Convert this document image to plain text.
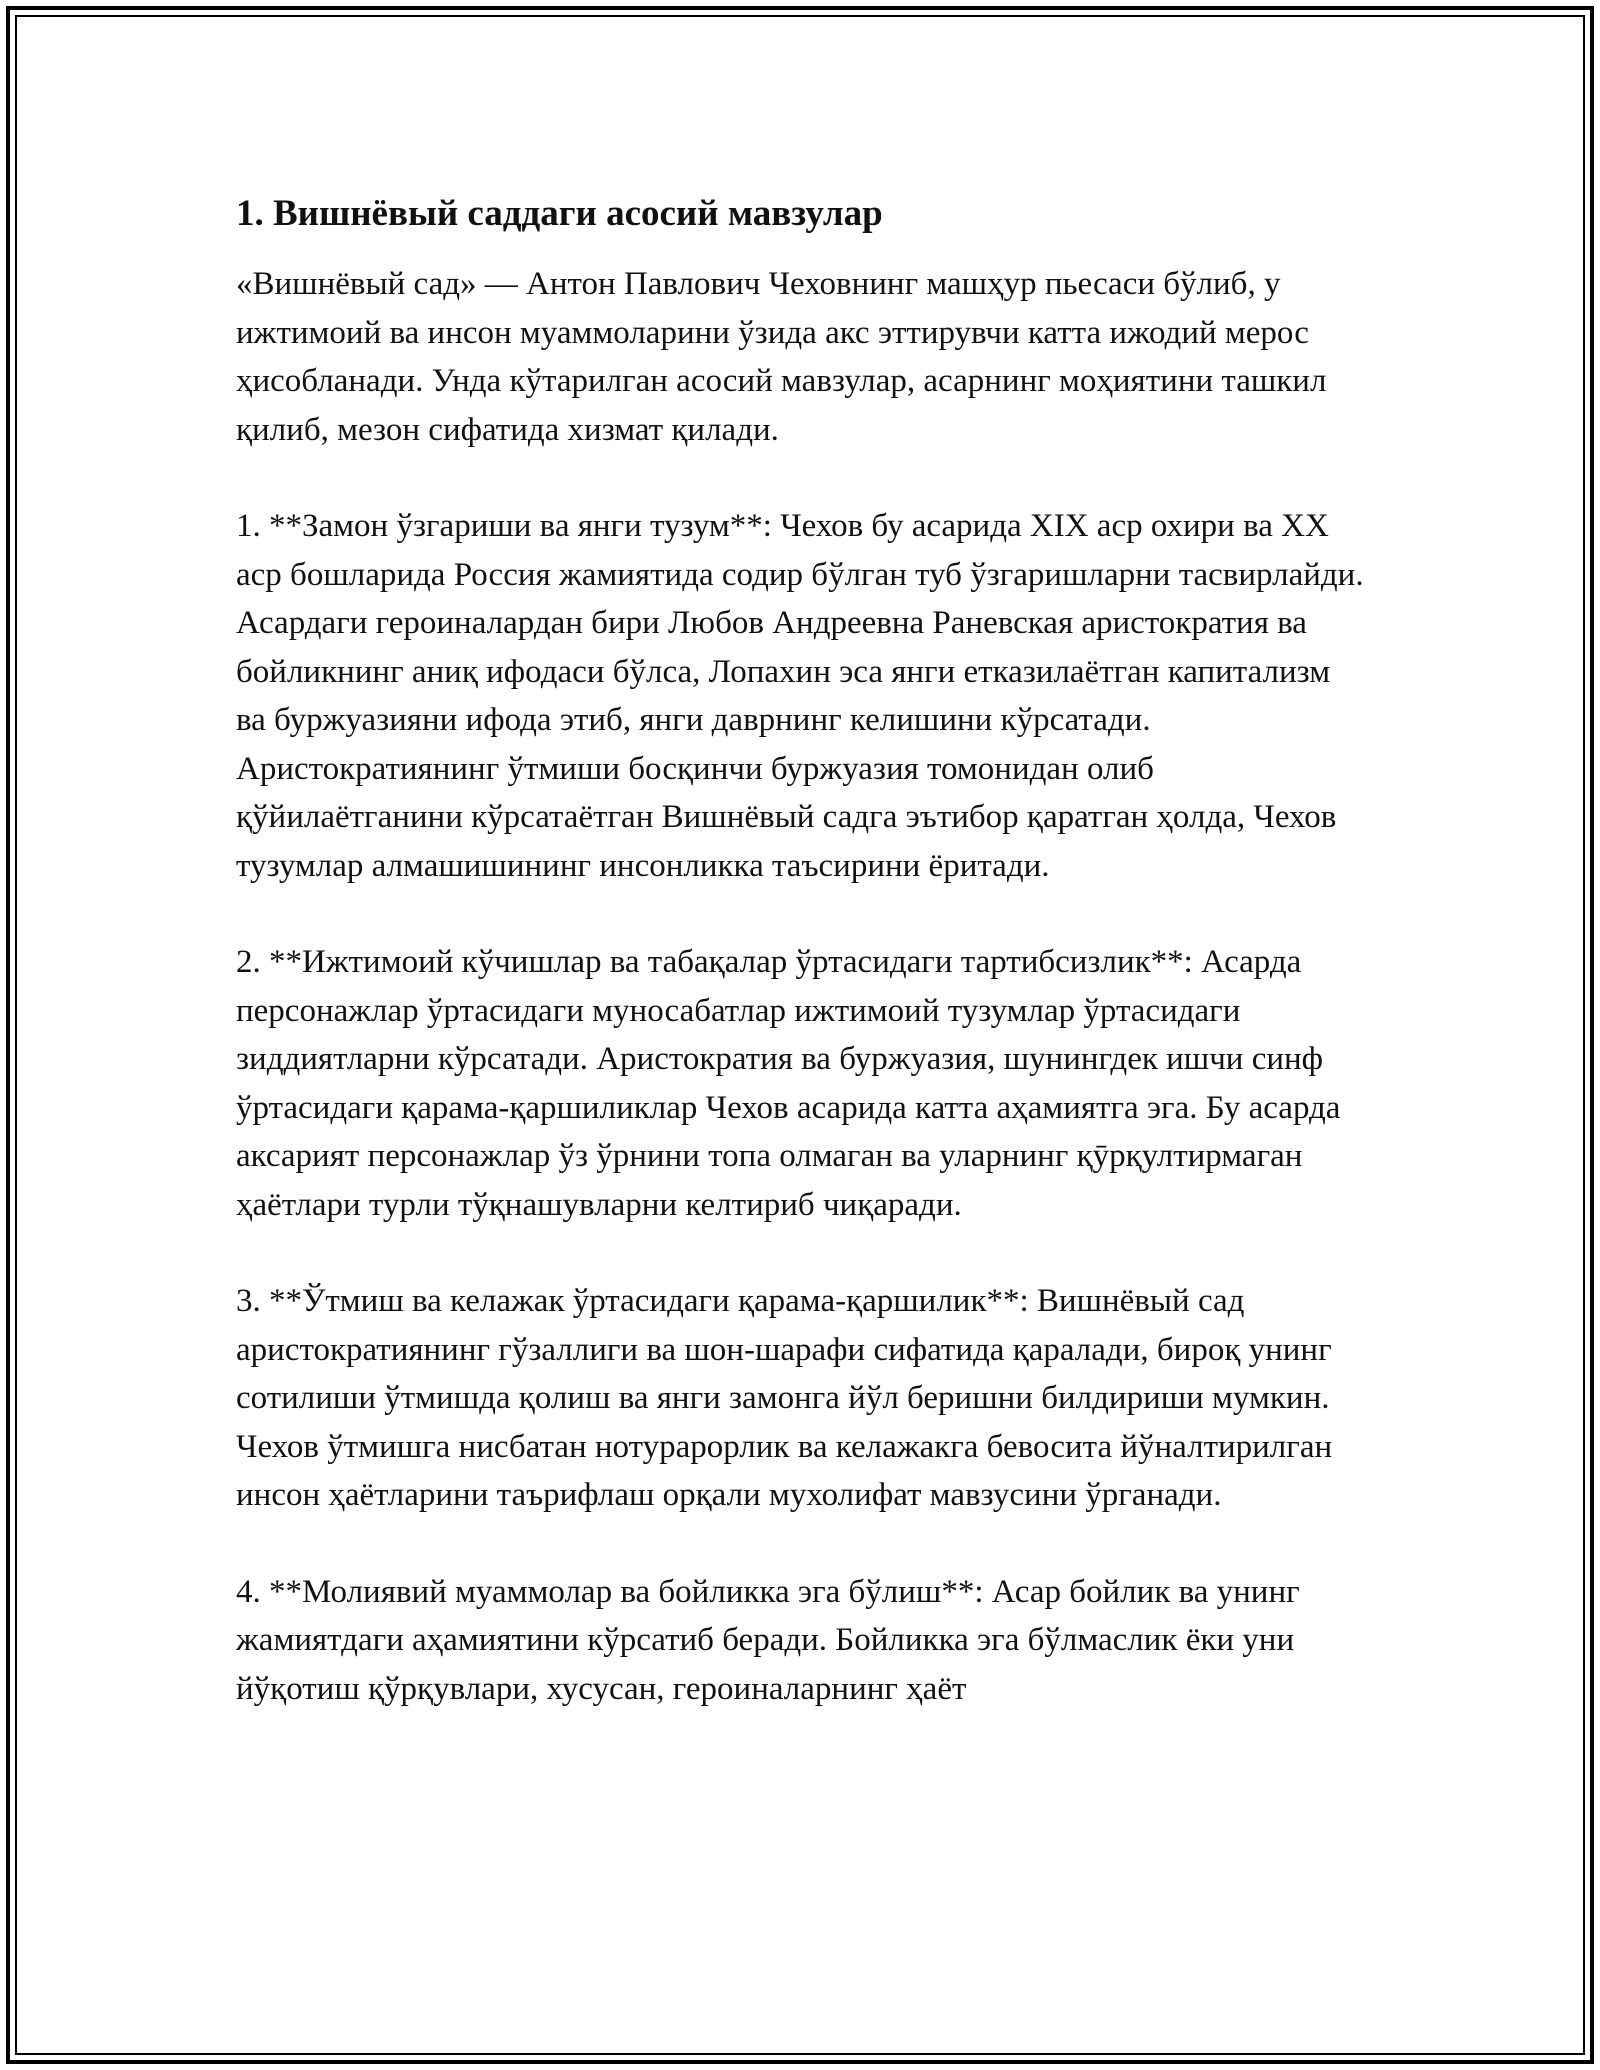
1. Вишнёвый саддаги асосий мавзулар

«Вишнёвый сад» — Антон Павлович Чеховнинг машҳур пьесаси бўлиб, у ижтимоий ва инсон муаммоларини ўзида акс эттирувчи катта ижодий мерос ҳисобланади. Унда кўтарилган асосий мавзулар, асарнинг моҳиятини ташкил қилиб, мезон сифатида хизмат қилади.

1. **Замон ўзгариши ва янги тузум**: Чехов бу асарида XIX аср охири ва XX аср бошларида Россия жамиятида содир бўлган туб ўзгаришларни тасвирлайди. Асардаги героиналардан бири Любов Андреевна Раневская аристократия ва бойликнинг аниқ ифодаси бўлса, Лопахин эса янги етказилаётган капитализм ва буржуазияни ифода этиб, янги даврнинг келишини кўрсатади. Аристократиянинг ўтмиши босқинчи буржуазия томонидан олиб қўйилаётганини кўрсатаётган Вишнёвый садга эътибор қаратган ҳолда, Чехов тузумлар алмашишининг инсонликка таъсирини ёритади.

2. **Ижтимоий кўчишлар ва табақалар ўртасидаги тартибсизлик**: Асарда персонажлар ўртасидаги муносабатлар ижтимоий тузумлар ўртасидаги зиддиятларни кўрсатади. Аристократия ва буржуазия, шунингдек ишчи синф ўртасидаги қарама-қаршиликлар Чехов асарида катта аҳамиятга эга. Бу асарда аксарият персонажлар ўз ўрнини топа олмаган ва уларнинг қӯрқултирмаган ҳаётлари турли тўқнашувларни келтириб чиқаради.

3. **Ўтмиш ва келажак ўртасидаги қарама-қаршилик**: Вишнёвый сад аристократиянинг гўзаллиги ва шон-шарафи сифатида қаралади, бироқ унинг сотилиши ўтмишда қолиш ва янги замонга йўл беришни билдириши мумкин. Чехов ўтмишга нисбатан нотурарорлик ва келажакга бевосита йўналтирилган инсон ҳаётларини таърифлаш орқали мухолифат мавзусини ўрганади.

4. **Молиявий муаммолар ва бойликка эга бўлиш**: Асар бойлик ва унинг жамиятдаги аҳамиятини кўрсатиб беради. Бойликка эга бўлмаслик ёки уни йўқотиш қўрқувлари, хусусан, героиналарнинг ҳаёт
